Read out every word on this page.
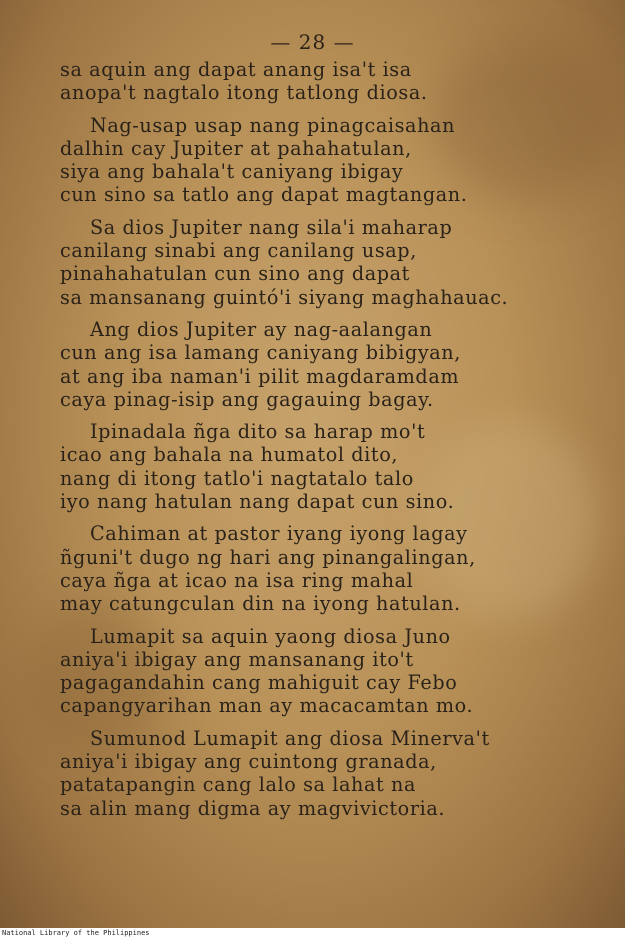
— 28 —
sa aquin ang dapat anang isa't isa
anopa't nagtalo itong tatlong diosa.
Nag-usap usap nang pinagcaisahan
dalhin cay Jupiter at pahahatulan,
siya ang bahala't caniyang ibigay
cun sino sa tatlo ang dapat magtangan.
Sa dios Jupiter nang sila'i maharap
canilang sinabi ang canilang usap,
pinahahatulan cun sino ang dapat
sa mansanang guintó'i siyang maghahauac.
Ang dios Jupiter ay nag-aalangan
cun ang isa lamang caniyang bibigyan,
at ang iba naman'i pilit magdaramdam
caya pinag-isip ang gagauing bagay.
Ipinadala ñga dito sa harap mo't
icao ang bahala na humatol dito,
nang di itong tatlo'i nagtatalo talo
iyo nang hatulan nang dapat cun sino.
Cahiman at pastor iyang iyong lagay
ñguni't dugo ng hari ang pinangalingan,
caya ñga at icao na isa ring mahal
may catungculan din na iyong hatulan.
Lumapit sa aquin yaong diosa Juno
aniya'i ibigay ang mansanang ito't
pagagandahin cang mahiguit cay Febo
capangyarihan man ay macacamtan mo.
Sumunod Lumapit ang diosa Minerva't
aniya'i ibigay ang cuintong granada,
patatapangin cang lalo sa lahat na
sa alin mang digma ay magvivictoria.
National Library of the Philippines
